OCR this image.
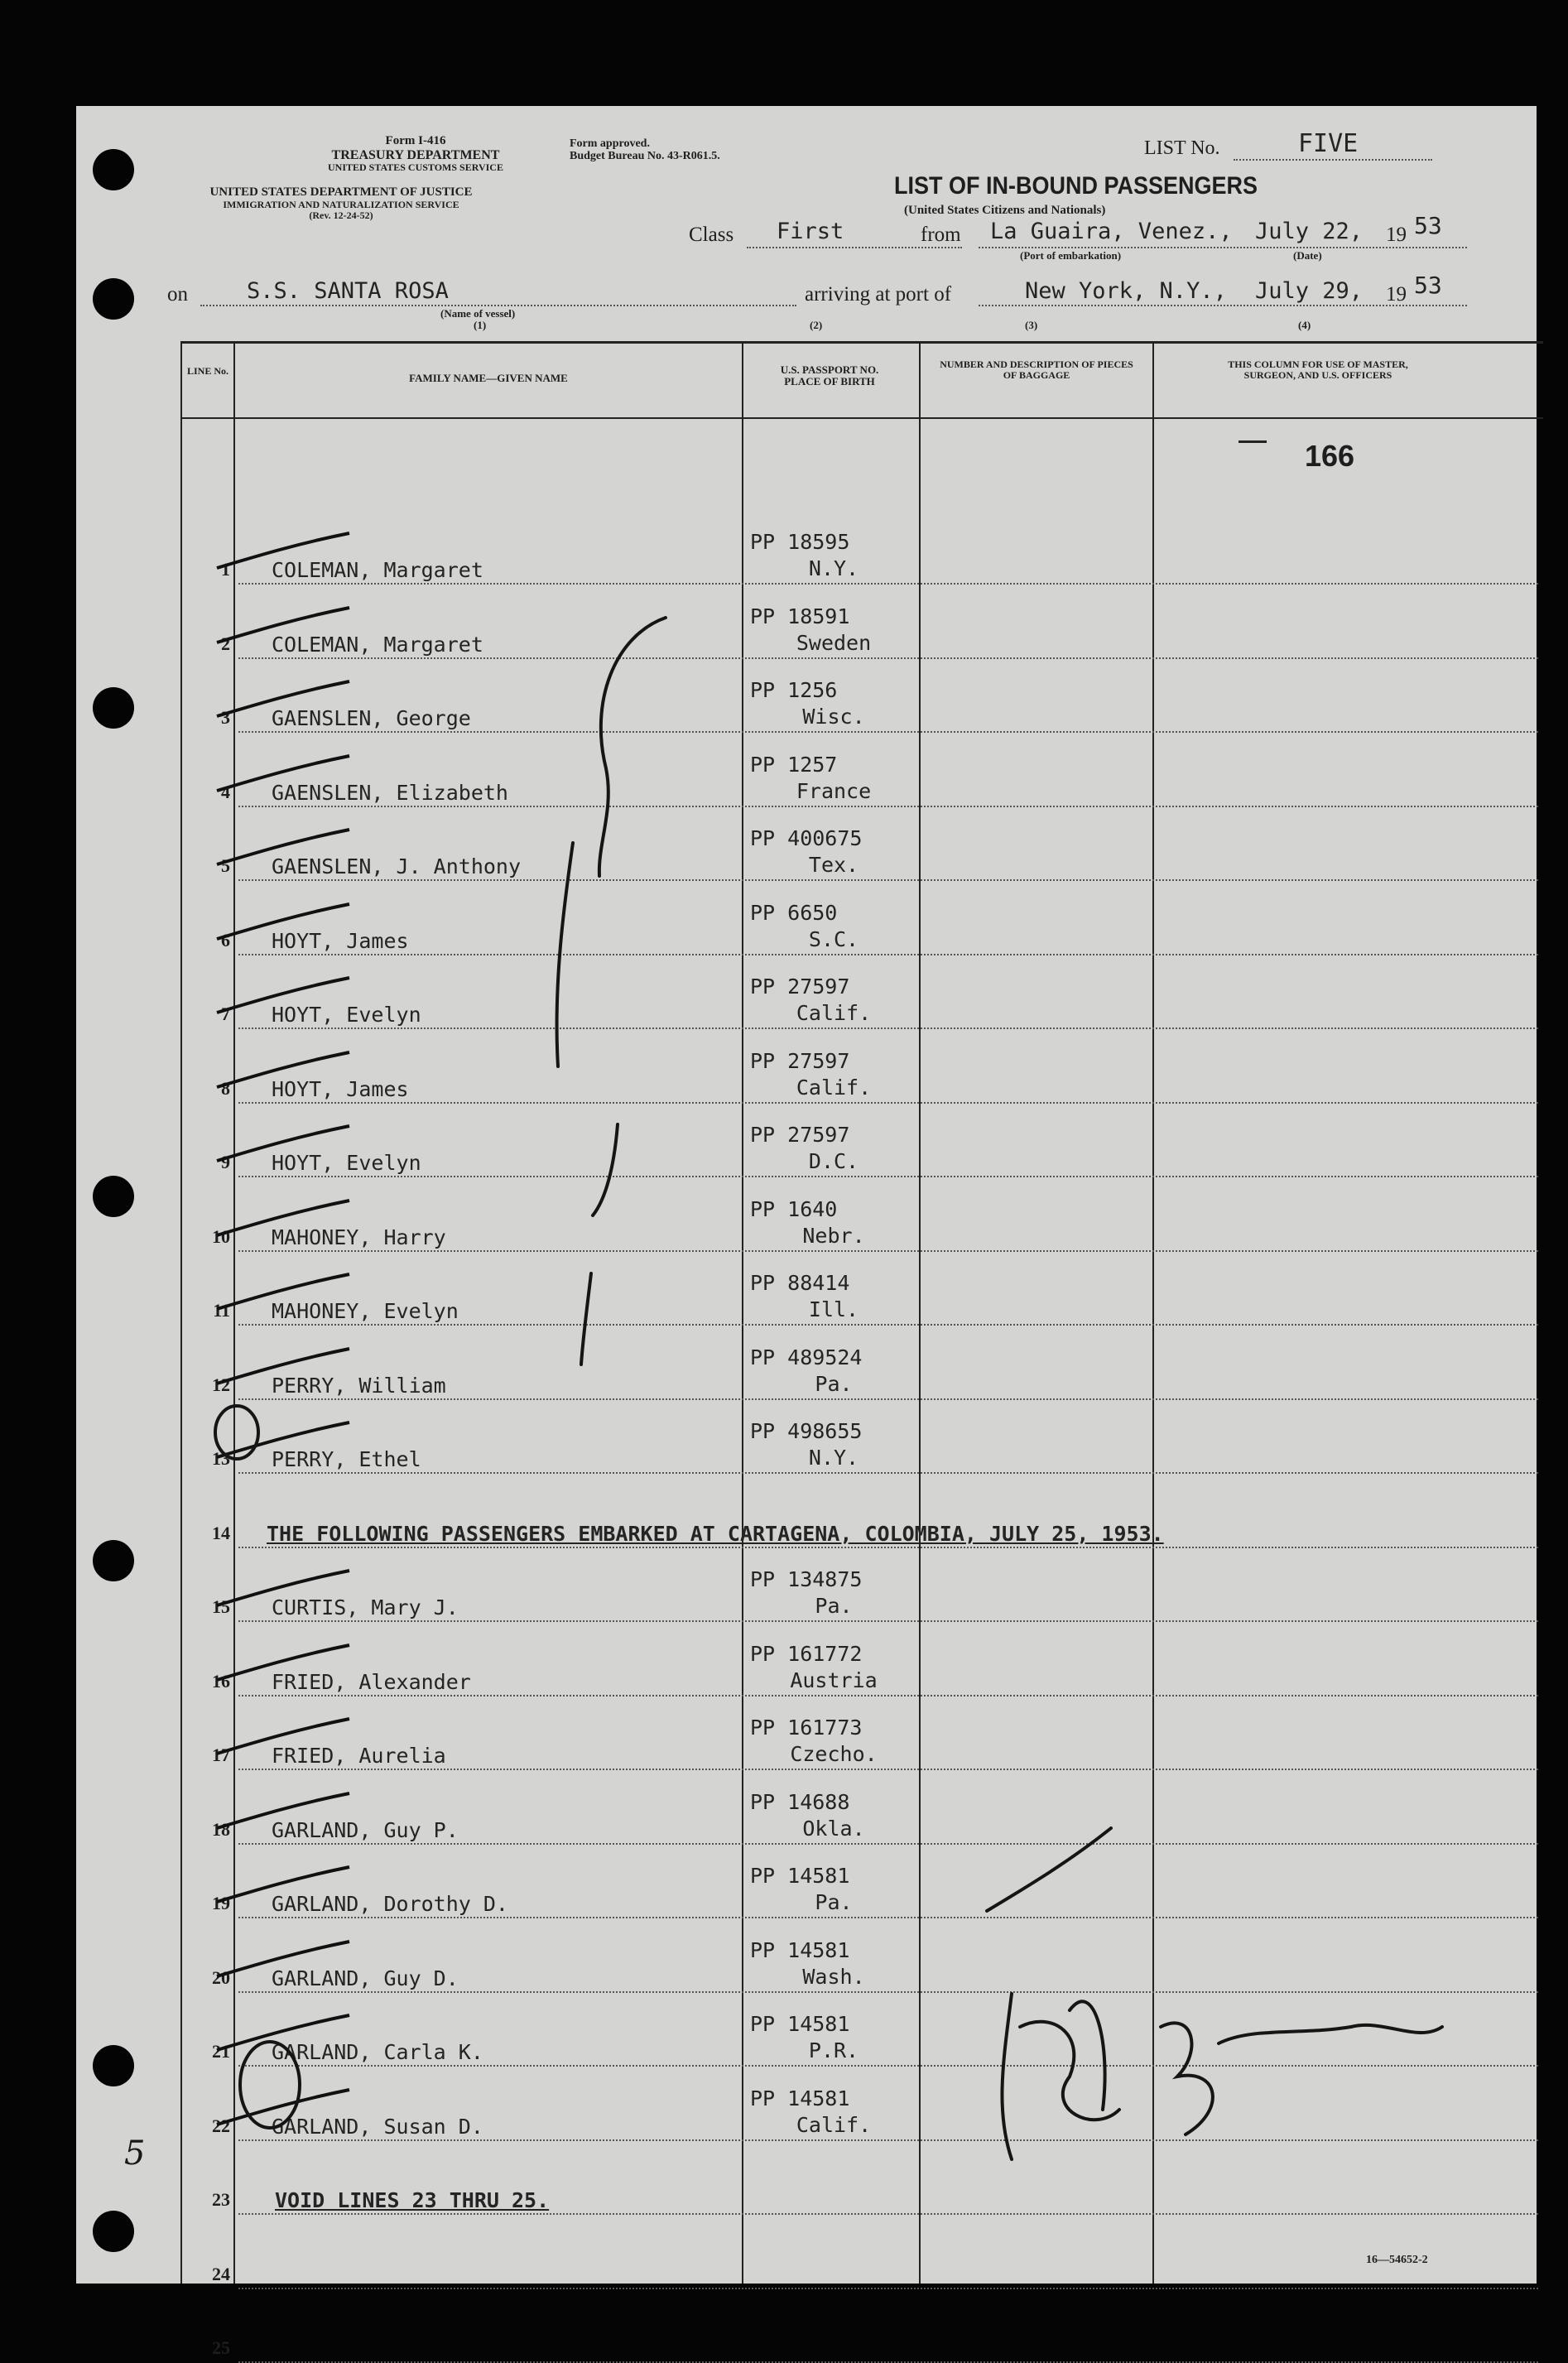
Form I-416
TREASURY DEPARTMENT
UNITED STATES CUSTOMS SERVICE
UNITED STATES DEPARTMENT OF JUSTICE
IMMIGRATION AND NATURALIZATION SERVICE
(Rev. 12-24-52)
Form approved.
Budget Bureau No. 43-R061.5.	LIST No.	FIVE
LIST OF IN-BOUND PASSENGERS
(United States Citizens and Nationals)
Class First	from La Guaira, Venez., July 22, 19 53
(Port of embarkation)	(Date)
on	S.S. SANTA ROSA
(Name of vessel)
(1)
arriving at port of	New York, N.Y., July 29, 19 53
(2)	(3)	(4)
LINE No.
FAMILY NAME—GIVEN NAME
U.S. PASSPORT NO. PLACE OF BIRTH
NUMBER AND DESCRIPTION OF PIECES OF BAGGAGE
THIS COLUMN FOR USE OF MASTER, SURGEON, AND U.S. OFFICERS
166
1 COLEMAN, Margaret
PP 18595
N.Y.
2 COLEMAN, Margaret
PP 18591
Sweden
3 GAENSLEN, George
PP 1256
Wisc.
4 GAENSLEN, Elizabeth
PP 1257
France
5 GAENSLEN, J. Anthony
PP 400675
Tex.
6 HOYT, James
PP 6650
S.C.
7 HOYT, Evelyn
PP 27597
Calif.
8 HOYT, James
PP 27597
Calif.
9 HOYT, Evelyn
PP 27597
D.C.
10 MAHONEY, Harry
PP 1640
Nebr.
11 MAHONEY, Evelyn
PP 88414
Ill.
12 PERRY, William
PP 489524
Pa.
13 PERRY, Ethel
PP 498655
N.Y.
14 THE FOLLOWING PASSENGERS EMBARKED AT CARTAGENA, COLOMBIA, JULY 25, 1953.
15 CURTIS, Mary J.
PP 134875
Pa.
16 FRIED, Alexander
PP 161772
Austria
17 FRIED, Aurelia
PP 161773
Czecho.
18 GARLAND, Guy P.
PP 14688
Okla.
19 GARLAND, Dorothy D.
PP 14581
Pa.
20 GARLAND, Guy D.
PP 14581
Wash.
21 GARLAND, Carla K.
PP 14581
P.R.
22 GARLAND, Susan D.
PP 14581
Calif.
23 VOID LINES 23 THRU 25.
24
25
5
16—54652-2
